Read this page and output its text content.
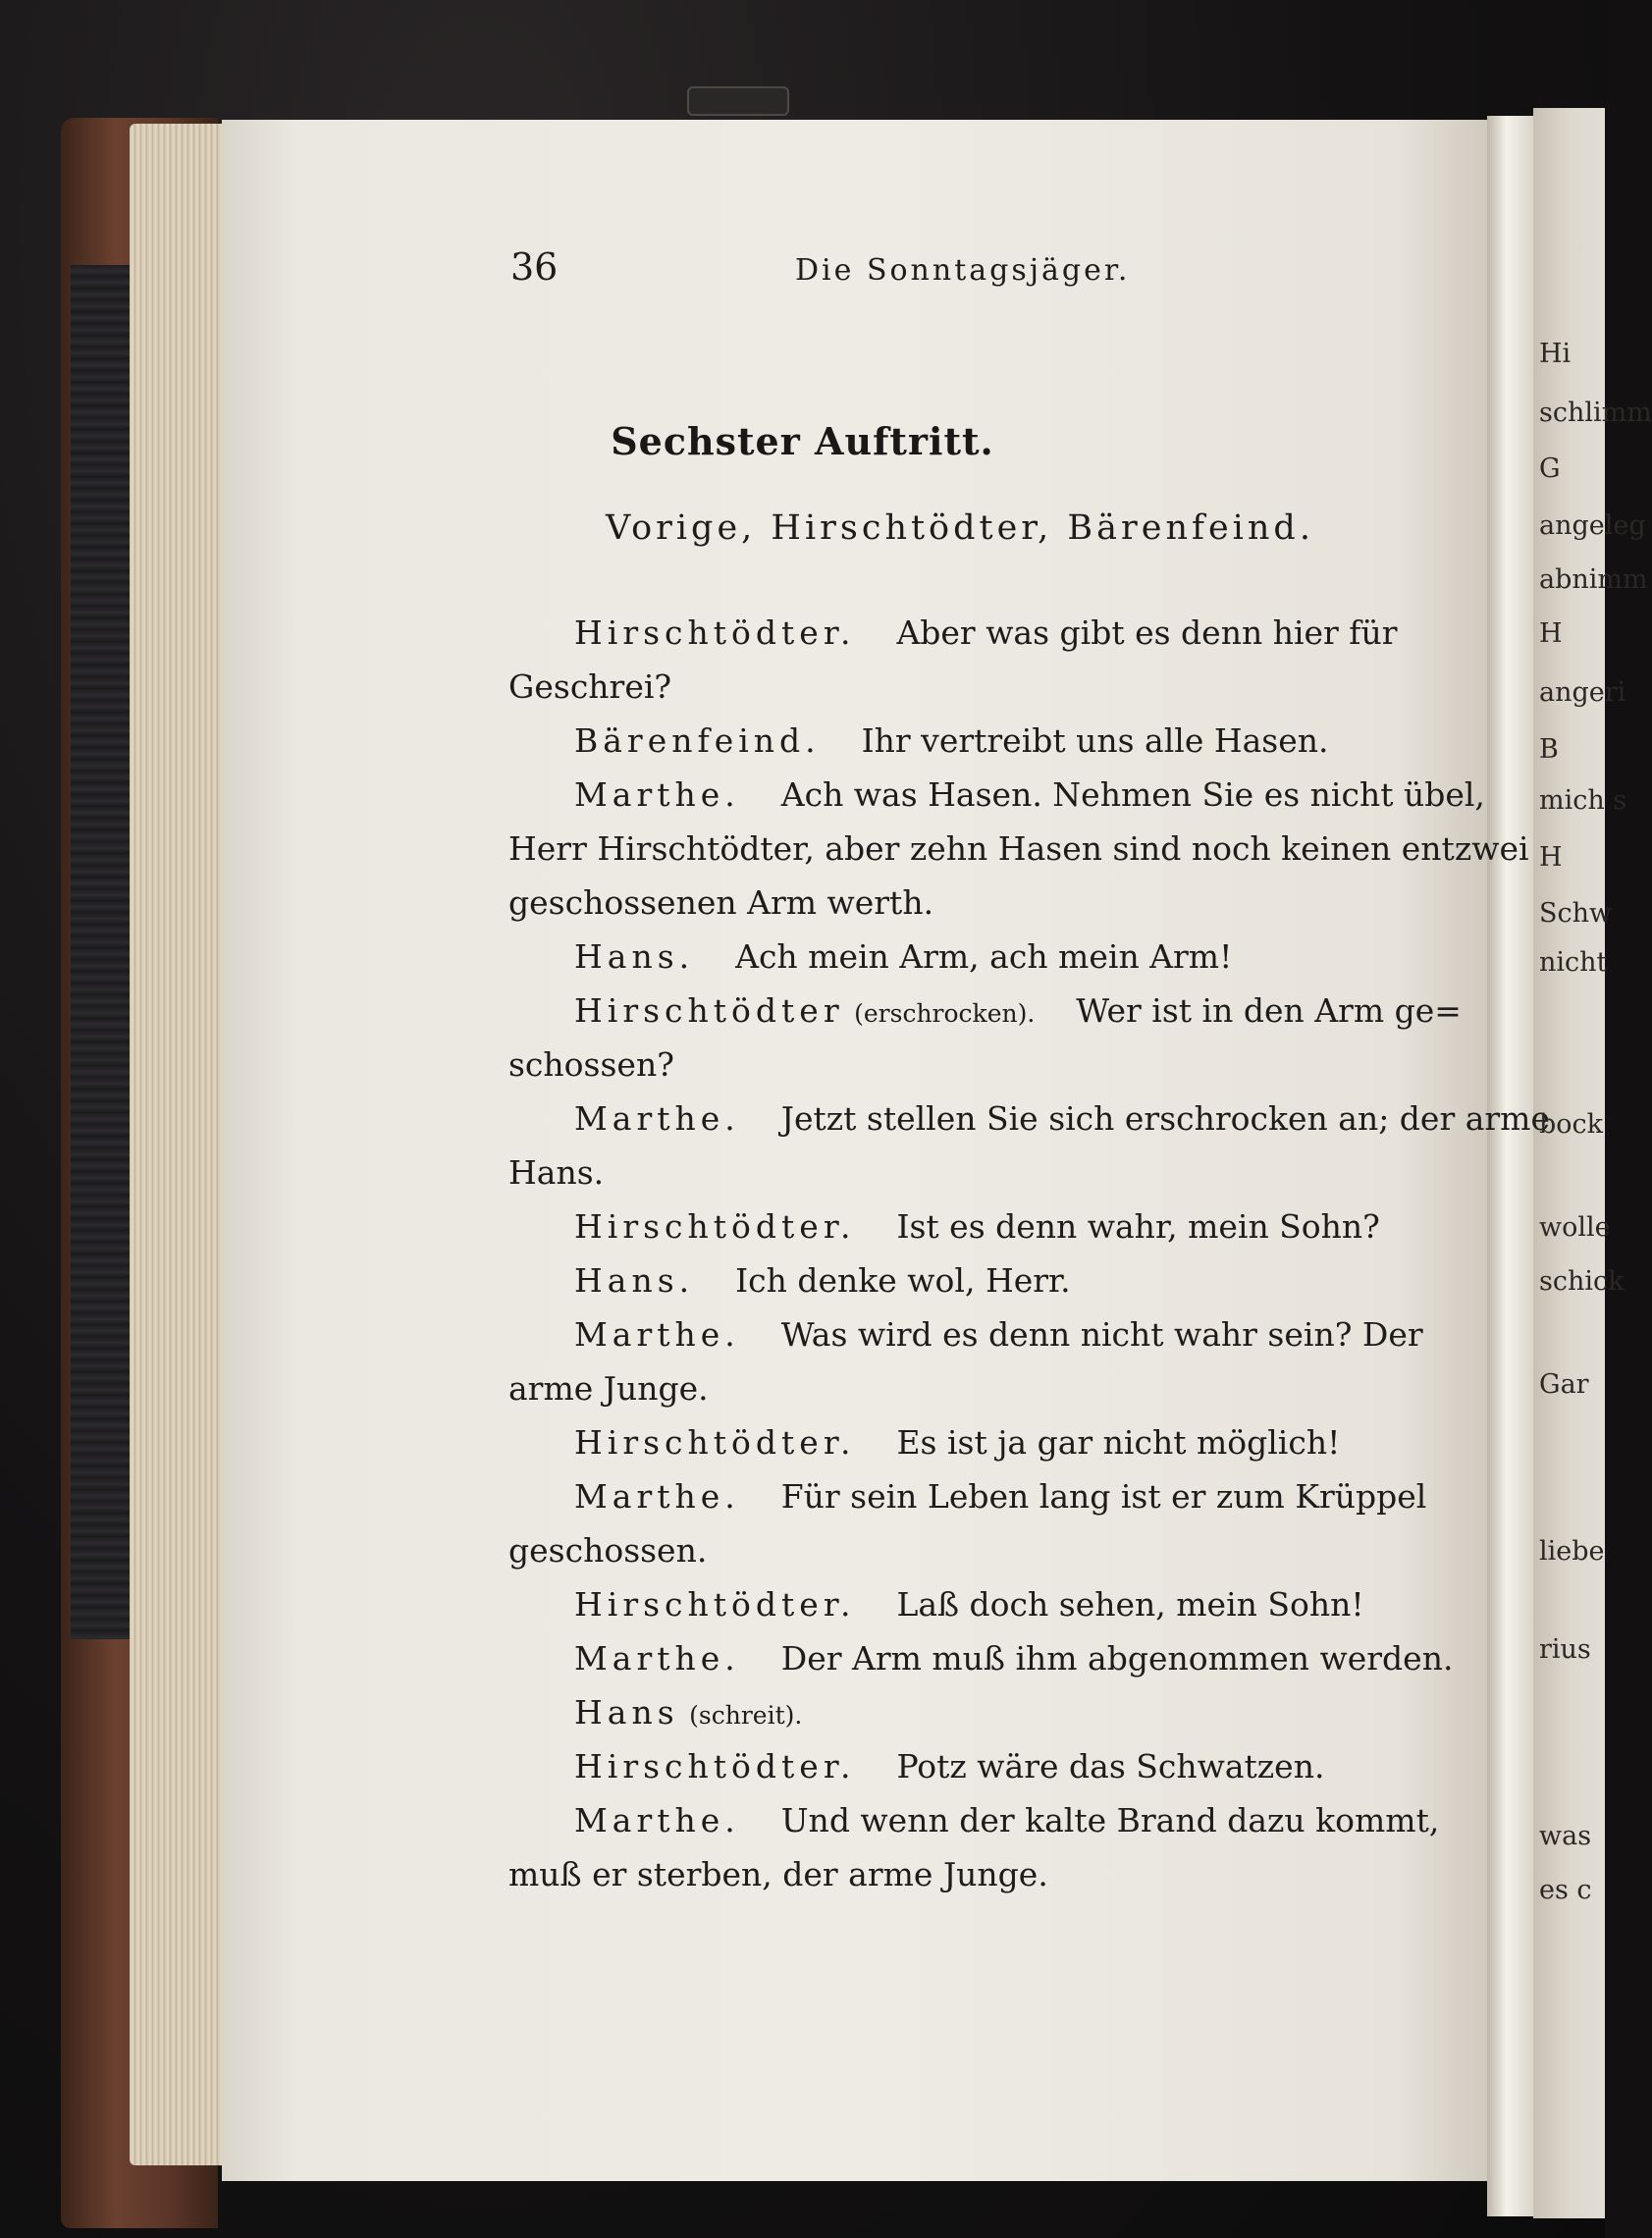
36	Die Sonntagsjäger.
Sechster Auftritt.
Vorige, Hirschtödter, Bärenfeind.
Hirschtödter. Aber was gibt es denn hier für
Geschrei?
Bärenfeind. Ihr vertreibt uns alle Hasen.
Marthe. Ach was Hasen. Nehmen Sie es nicht übel,
Herr Hirschtödter, aber zehn Hasen sind noch keinen entzwei
geschossenen Arm werth.
Hans. Ach mein Arm, ach mein Arm!
Hirschtödter (erschrocken). Wer ist in den Arm ge=
schossen?
Marthe. Jetzt stellen Sie sich erschrocken an; der arme
Hans.
Hirschtödter. Ist es denn wahr, mein Sohn?
Hans. Ich denke wol, Herr.
Marthe. Was wird es denn nicht wahr sein? Der
arme Junge.
Hirschtödter. Es ist ja gar nicht möglich!
Marthe. Für sein Leben lang ist er zum Krüppel
geschossen.
Hirschtödter. Laß doch sehen, mein Sohn!
Marthe. Der Arm muß ihm abgenommen werden.
Hans (schreit).
Hirschtödter. Potz wäre das Schwatzen.
Marthe. Und wenn der kalte Brand dazu kommt,
muß er sterben, der arme Junge.
Hi
schlimm
G
angeleg
abnimm
H
angeri
B
mich s
H
Schw
nicht
bock
wolle
schick
Gar
liebe
rius
was
es c
